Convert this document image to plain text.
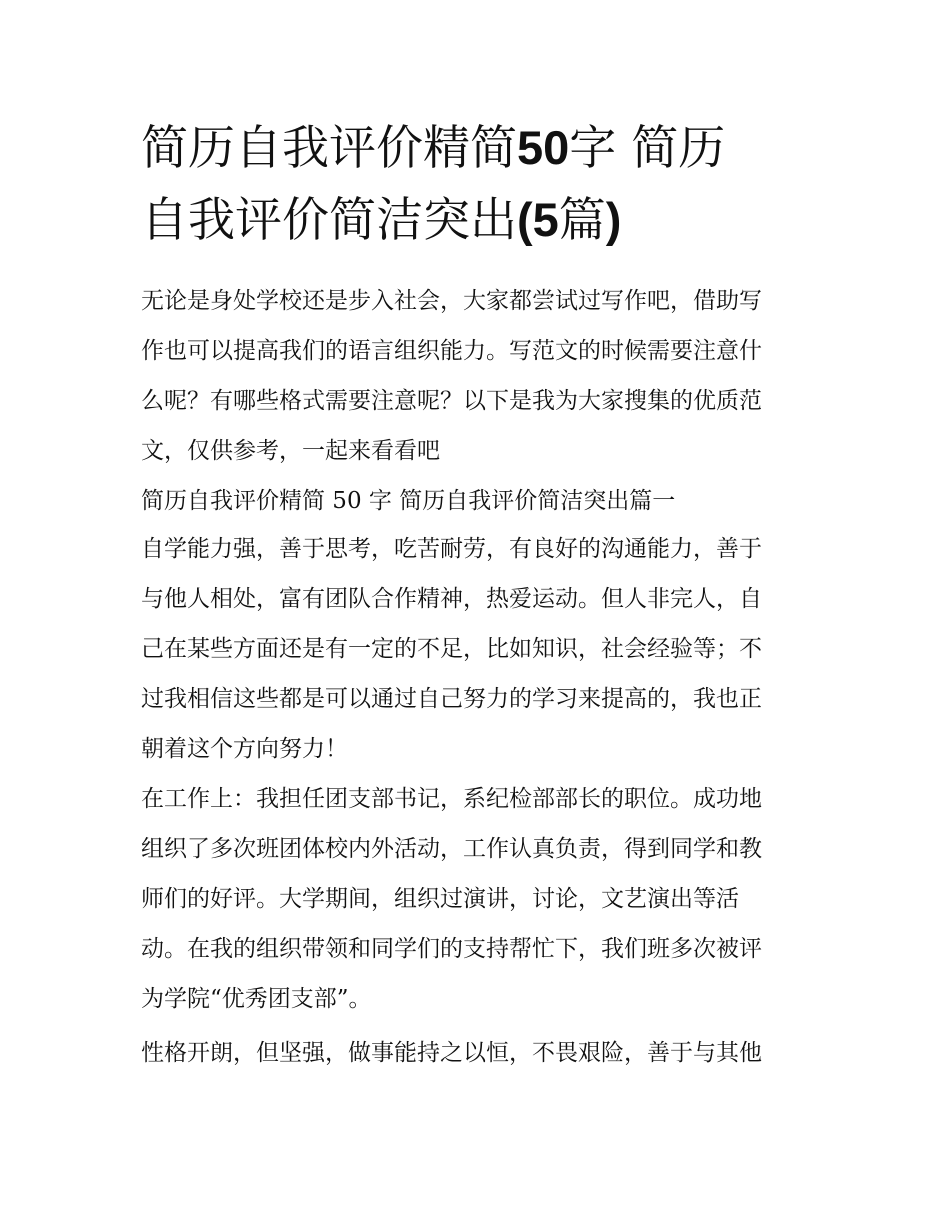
简历自我评价精简50字 简历
自我评价简洁突出(5篇)
无论是身处学校还是步入社会，大家都尝试过写作吧，借助写
作也可以提高我们的语言组织能力。写范文的时候需要注意什
么呢？有哪些格式需要注意呢？以下是我为大家搜集的优质范
文，仅供参考，一起来看看吧
简历自我评价精简 50 字 简历自我评价简洁突出篇一
自学能力强，善于思考，吃苦耐劳，有良好的沟通能力，善于
与他人相处，富有团队合作精神，热爱运动。但人非完人，自
己在某些方面还是有一定的不足，比如知识，社会经验等；不
过我相信这些都是可以通过自己努力的学习来提高的，我也正
朝着这个方向努力！
在工作上：我担任团支部书记，系纪检部部长的职位。成功地
组织了多次班团体校内外活动，工作认真负责，得到同学和教
师们的好评。大学期间，组织过演讲，讨论，文艺演出等活
动。在我的组织带领和同学们的支持帮忙下，我们班多次被评
为学院“优秀团支部”。
性格开朗，但坚强，做事能持之以恒，不畏艰险，善于与其他
